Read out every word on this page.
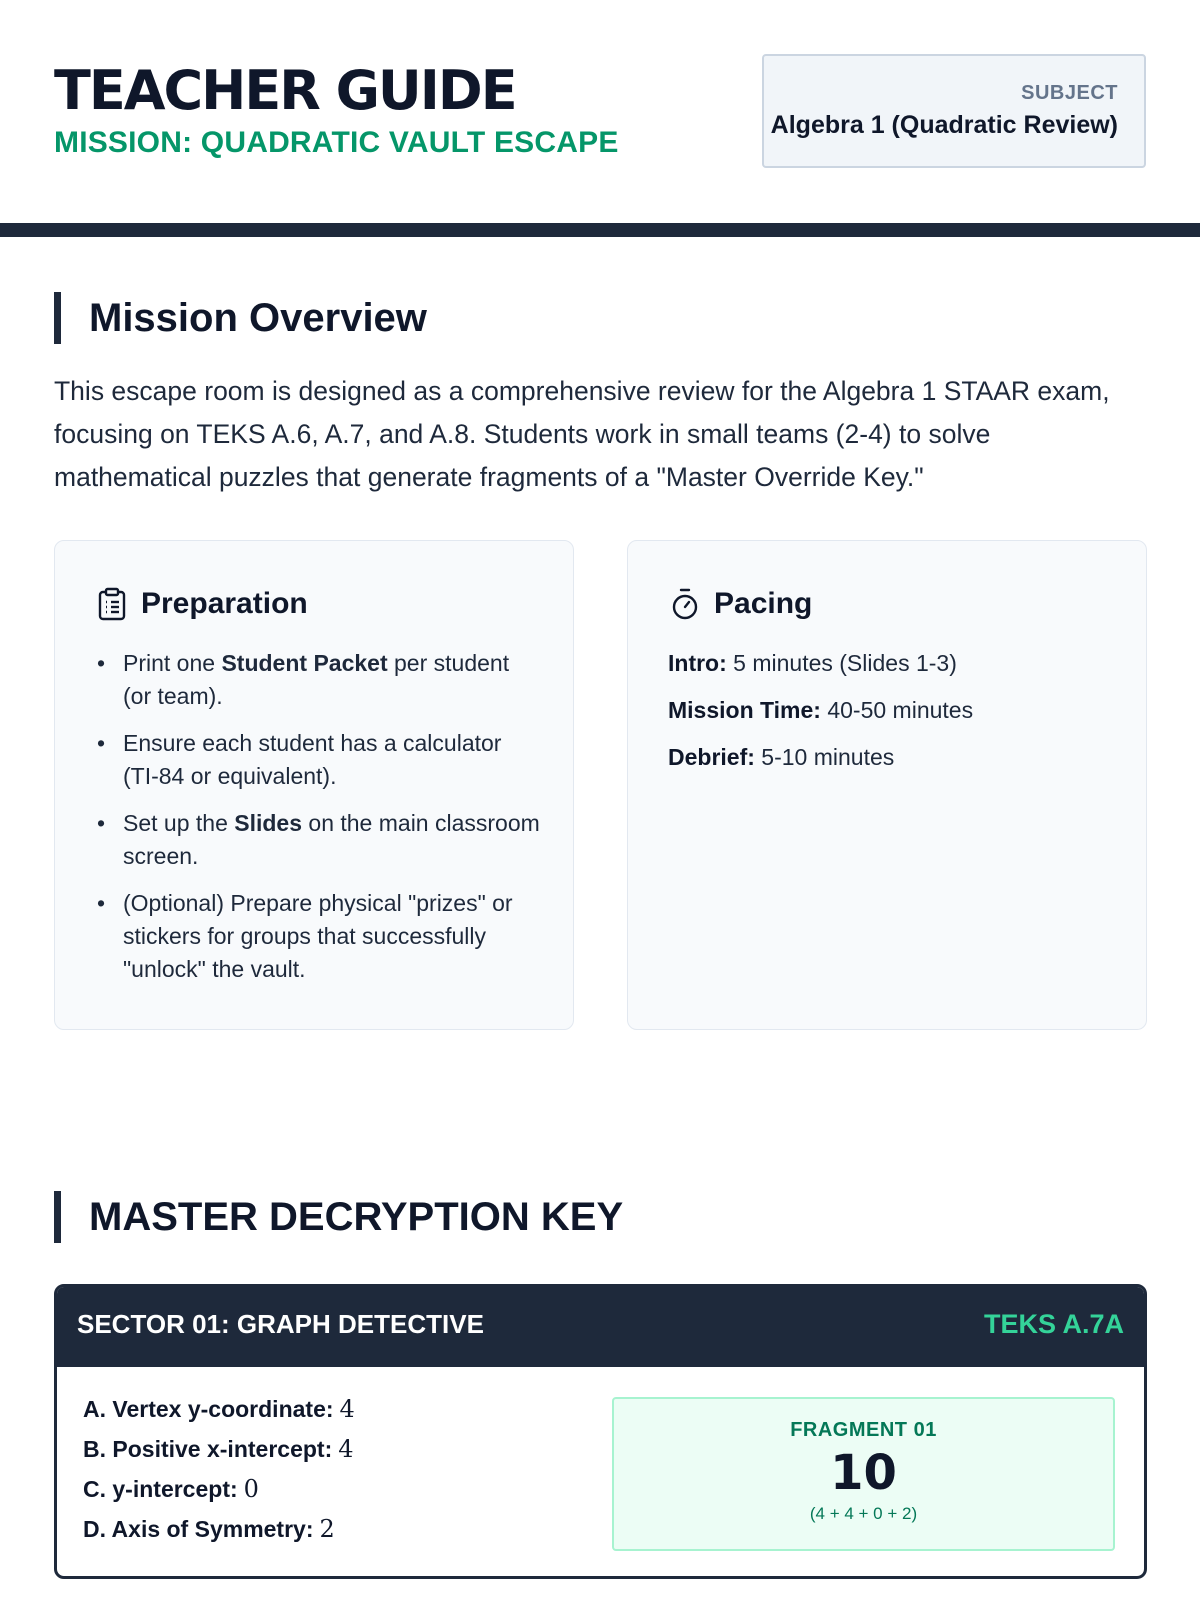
TEACHER GUIDE
MISSION: QUADRATIC VAULT ESCAPE
SUBJECT
Algebra 1 (Quadratic Review)
Mission Overview

This escape room is designed as a comprehensive review for the Algebra 1 STAAR exam, focusing on TEKS A.6, A.7, and A.8. Students work in small teams (2-4) to solve mathematical puzzles that generate fragments of a "Master Override Key."

Preparation
• Print one Student Packet per student (or team).
• Ensure each student has a calculator (TI-84 or equivalent).
• Set up the Slides on the main classroom screen.
• (Optional) Prepare physical "prizes" or stickers for groups that successfully "unlock" the vault.
Pacing
Intro: 5 minutes (Slides 1-3)
Mission Time: 40-50 minutes
Debrief: 5-10 minutes
MASTER DECRYPTION KEY
SECTOR 01: GRAPH DETECTIVE	TEKS A.7A
A. Vertex y-coordinate: 4
B. Positive x-intercept: 4
C. y-intercept: 0
D. Axis of Symmetry: 2
FRAGMENT 01
10
(4 + 4 + 0 + 2)
